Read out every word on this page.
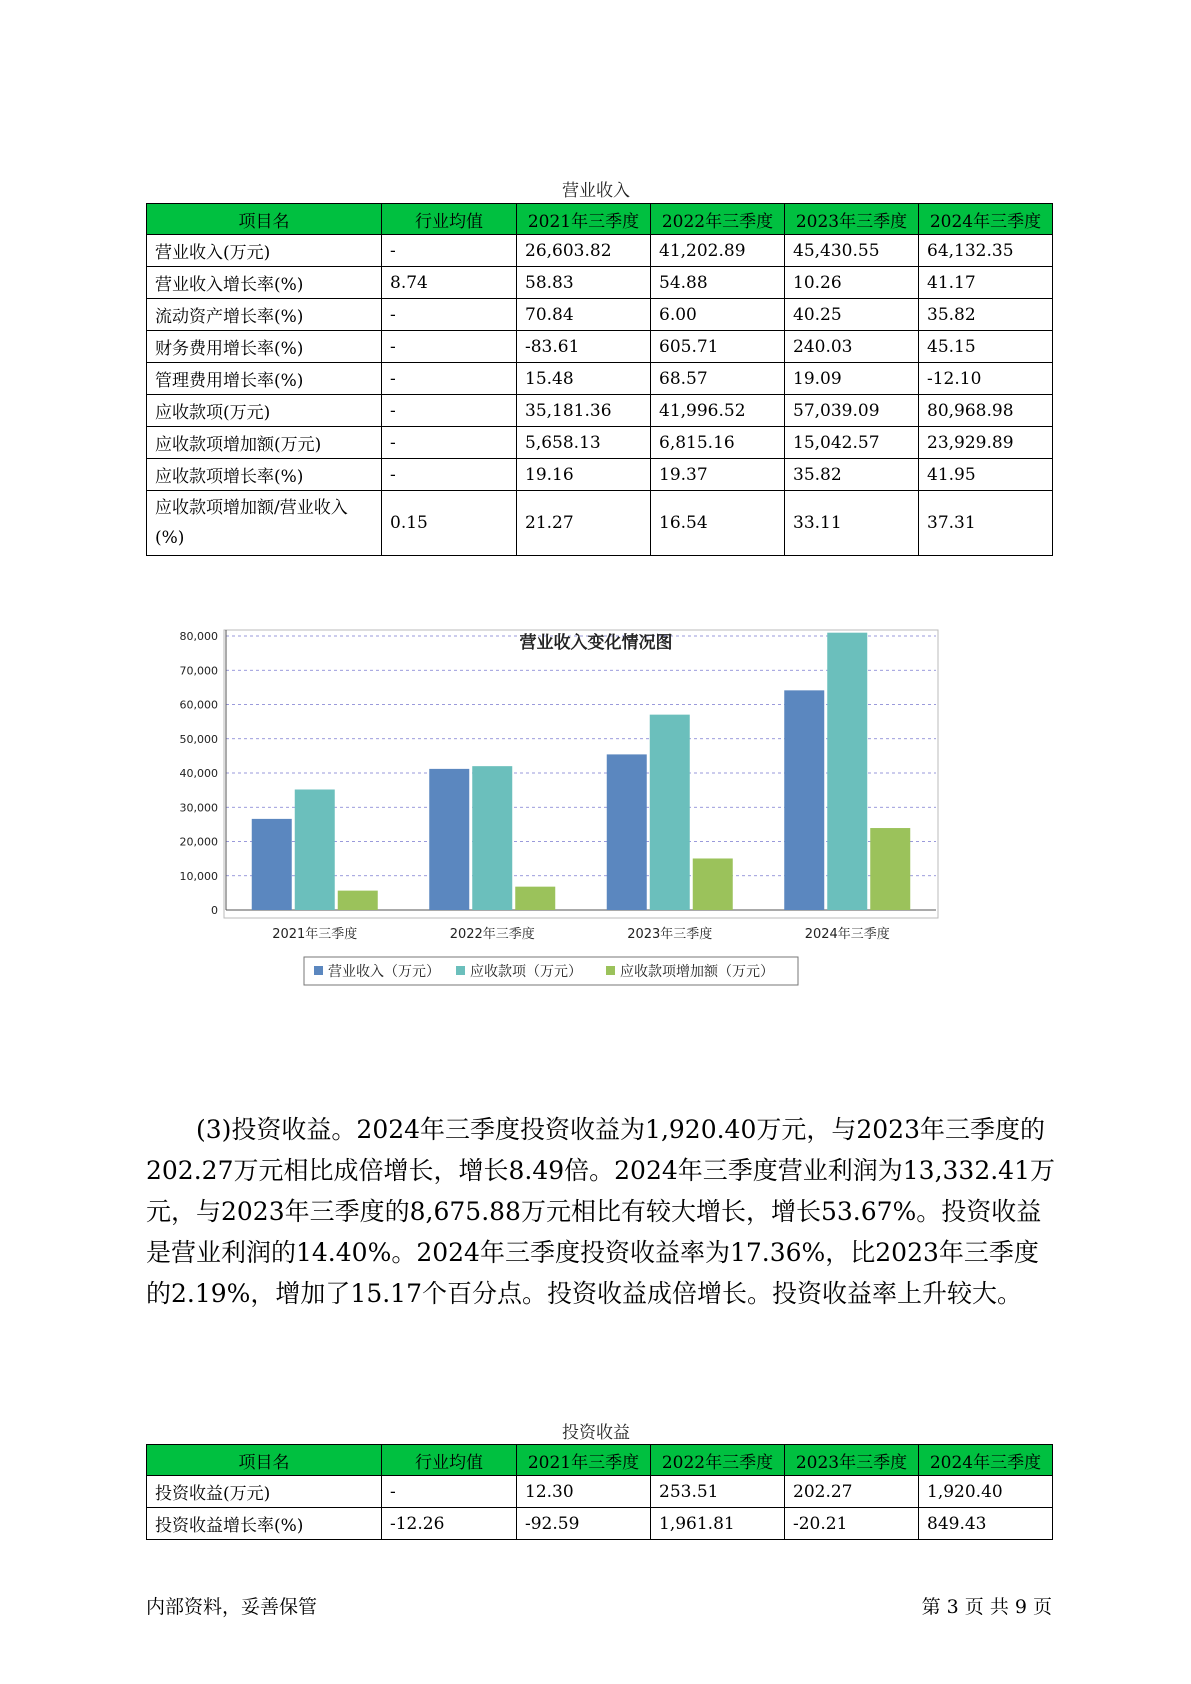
营业收入
项目名	行业均值	2021年三季度	2022年三季度	2023年三季度	2024年三季度
营业收入(万元)	-	26,603.82	41,202.89	45,430.55	64,132.35
营业收入增长率(%)	8.74	58.83	54.88	10.26	41.17
流动资产增长率(%)	-	70.84	6.00	40.25	35.82
财务费用增长率(%)	-	-83.61	605.71	240.03	45.15
管理费用增长率(%)	-	15.48	68.57	19.09	-12.10
应收款项(万元)	-	35,181.36	41,996.52	57,039.09	80,968.98
应收款项增加额(万元)	-	5,658.13	6,815.16	15,042.57	23,929.89
应收款项增长率(%)	-	19.16	19.37	35.82	41.95
应收款项增加额/营业收入(%)	0.15	21.27	16.54	33.11	37.31
营业收入变化情况图
0
10,000
20,000
30,000
40,000
50,000
60,000
70,000
80,000
2021年三季度	2022年三季度	2023年三季度	2024年三季度
营业收入（万元） 应收款项（万元）	应收款项增加额（万元）

(3)投资收益。2024年三季度投资收益为1,920.40万元，与2023年三季度的202.27万元相比成倍增长，增长8.49倍。2024年三季度营业利润为13,332.41万元，与2023年三季度的8,675.88万元相比有较大增长，增长53.67%。投资收益是营业利润的14.40%。2024年三季度投资收益率为17.36%，比2023年三季度的2.19%，增加了15.17个百分点。投资收益成倍增长。投资收益率上升较大。

投资收益
项目名	行业均值	2021年三季度	2022年三季度	2023年三季度	2024年三季度
投资收益(万元)	-	12.30	253.51	202.27	1,920.40
投资收益增长率(%)	-12.26	-92.59	1,961.81	-20.21	849.43
内部资料，妥善保管	第 3 页 共 9 页
